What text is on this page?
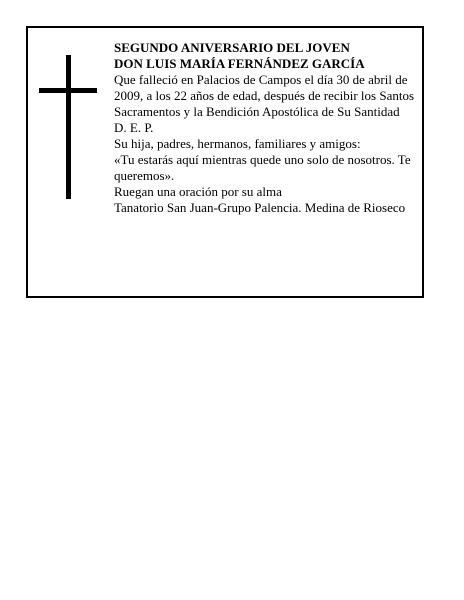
SEGUNDO ANIVERSARIO DEL JOVEN
DON LUIS MARÍA FERNÁNDEZ GARCÍA
Que falleció en Palacios de Campos el día 30 de abril de 2009, a los 22 años de edad, después de recibir los Santos Sacramentos y la Bendición Apostólica de Su Santidad
D. E. P.
Su hija, padres, hermanos, familiares y amigos:
«Tu estarás aquí mientras quede uno solo de nosotros. Te
queremos».
Ruegan una oración por su alma
Tanatorio San Juan-Grupo Palencia. Medina de Rioseco
